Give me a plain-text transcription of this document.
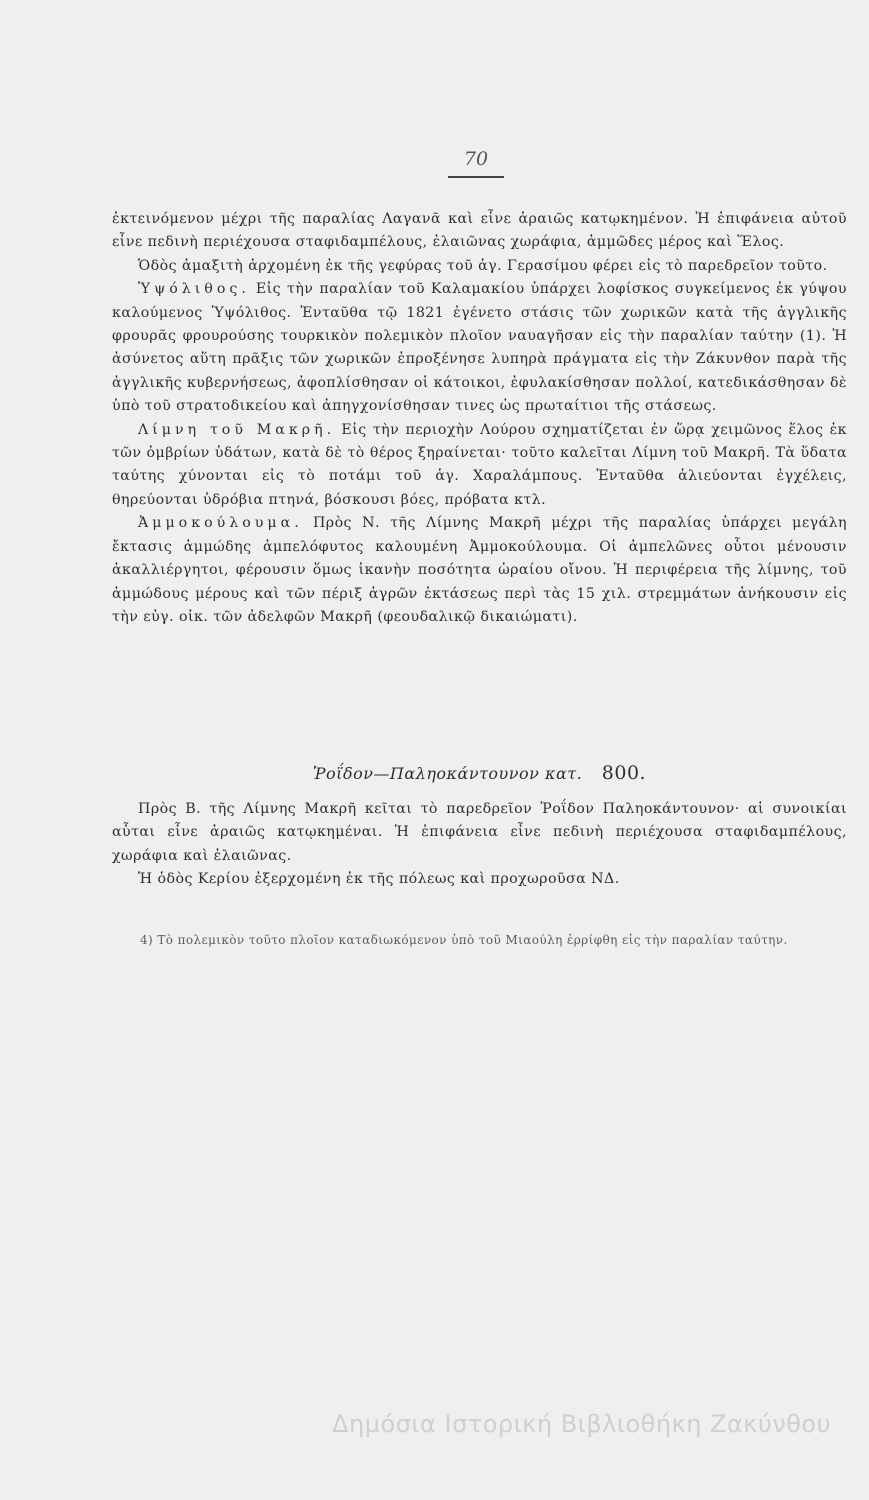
70

ἐκτεινόμενον μέχρι τῆς παραλίας Λαγανᾶ καὶ εἶνε ἀραιῶς κατῳκημένον. Ἡ ἐπιφάνεια αὐτοῦ εἶνε πεδινὴ περιέχουσα σταφιδαμπέλους, ἐλαιῶνας χωράφια, ἀμμῶδες μέρος καὶ Ἕλος.

Ὁδὸς ἁμαξιτὴ ἀρχομένη ἐκ τῆς γεφύρας τοῦ ἁγ. Γερασίμου φέρει εἰς τὸ παρεδρεῖον τοῦτο.

Ὑψόλιθος. Εἰς τὴν παραλίαν τοῦ Καλαμακίου ὑπάρχει λοφίσκος συγκείμενος ἐκ γύψου καλούμενος Ὑψόλιθος. Ἐνταῦθα τῷ 1821 ἐγένετο στάσις τῶν χωρικῶν κατὰ τῆς ἀγγλικῆς φρουρᾶς φρουρούσης τουρκικὸν πολεμικὸν πλοῖον ναυαγῆσαν εἰς τὴν παραλίαν ταύτην (1). Ἡ ἀσύνετος αὕτη πρᾶξις τῶν χωρικῶν ἐπροξένησε λυπηρὰ πράγματα εἰς τὴν Ζάκυνθον παρὰ τῆς ἀγγλικῆς κυβερνήσεως, ἀφοπλίσθησαν οἱ κάτοικοι, ἐφυλακίσθησαν πολλοί, κατεδικάσθησαν δὲ ὑπὸ τοῦ στρατοδικείου καὶ ἀπηγχονίσθησαν τινες ὡς πρωταίτιοι τῆς στάσεως.

Λίμνη τοῦ Μακρῆ. Εἰς τὴν περιοχὴν Λούρου σχηματίζεται ἐν ὥρᾳ χειμῶνος ἕλος ἐκ τῶν ὀμβρίων ὑδάτων, κατὰ δὲ τὸ θέρος ξηραίνεται· τοῦτο καλεῖται Λίμνη τοῦ Μακρῆ. Τὰ ὕδατα ταύτης χύνονται εἰς τὸ ποτάμι τοῦ ἁγ. Χαραλάμπους. Ἐνταῦθα ἁλιεύονται ἐγχέλεις, θηρεύονται ὑδρόβια πτηνά, βόσκουσι βόες, πρόβατα κτλ.

Ἀμμοκούλουμα. Πρὸς Ν. τῆς Λίμνης Μακρῆ μέχρι τῆς παραλίας ὑπάρχει μεγάλη ἔκτασις ἀμμώδης ἀμπελόφυτος καλουμένη Ἀμμοκούλουμα. Οἱ ἀμπελῶνες οὗτοι μένουσιν ἀκαλλιέργητοι, φέρουσιν ὅμως ἱκανὴν ποσότητα ὡραίου οἴνου. Ἡ περιφέρεια τῆς λίμνης, τοῦ ἀμμώδους μέρους καὶ τῶν πέριξ ἀγρῶν ἐκτάσεως περὶ τὰς 15 χιλ. στρεμμάτων ἀνήκουσιν εἰς τὴν εὐγ. οἰκ. τῶν ἀδελφῶν Μακρῆ (φεουδαλικῷ δικαιώματι).

Ῥοΐδον—Παληοκάντουνον κατ. 800.

Πρὸς Β. τῆς Λίμνης Μακρῆ κεῖται τὸ παρεδρεῖον Ῥοΐδον Παληοκάντουνον· αἱ συνοικίαι αὗται εἶνε ἀραιῶς κατῳκημέναι. Ἡ ἐπιφάνεια εἶνε πεδινὴ περιέχουσα σταφιδαμπέλους, χωράφια καὶ ἐλαιῶνας.

Ἡ ὁδὸς Κερίου ἐξερχομένη ἐκ τῆς πόλεως καὶ προχωροῦσα ΝΔ.

4) Τὸ πολεμικὸν τοῦτο πλοῖον καταδιωκόμενον ὑπὸ τοῦ Μιαούλη ἐρρίφθη εἰς τὴν παραλίαν ταύτην.

Δημόσια Ιστορική Βιβλιοθήκη Ζακύνθου
